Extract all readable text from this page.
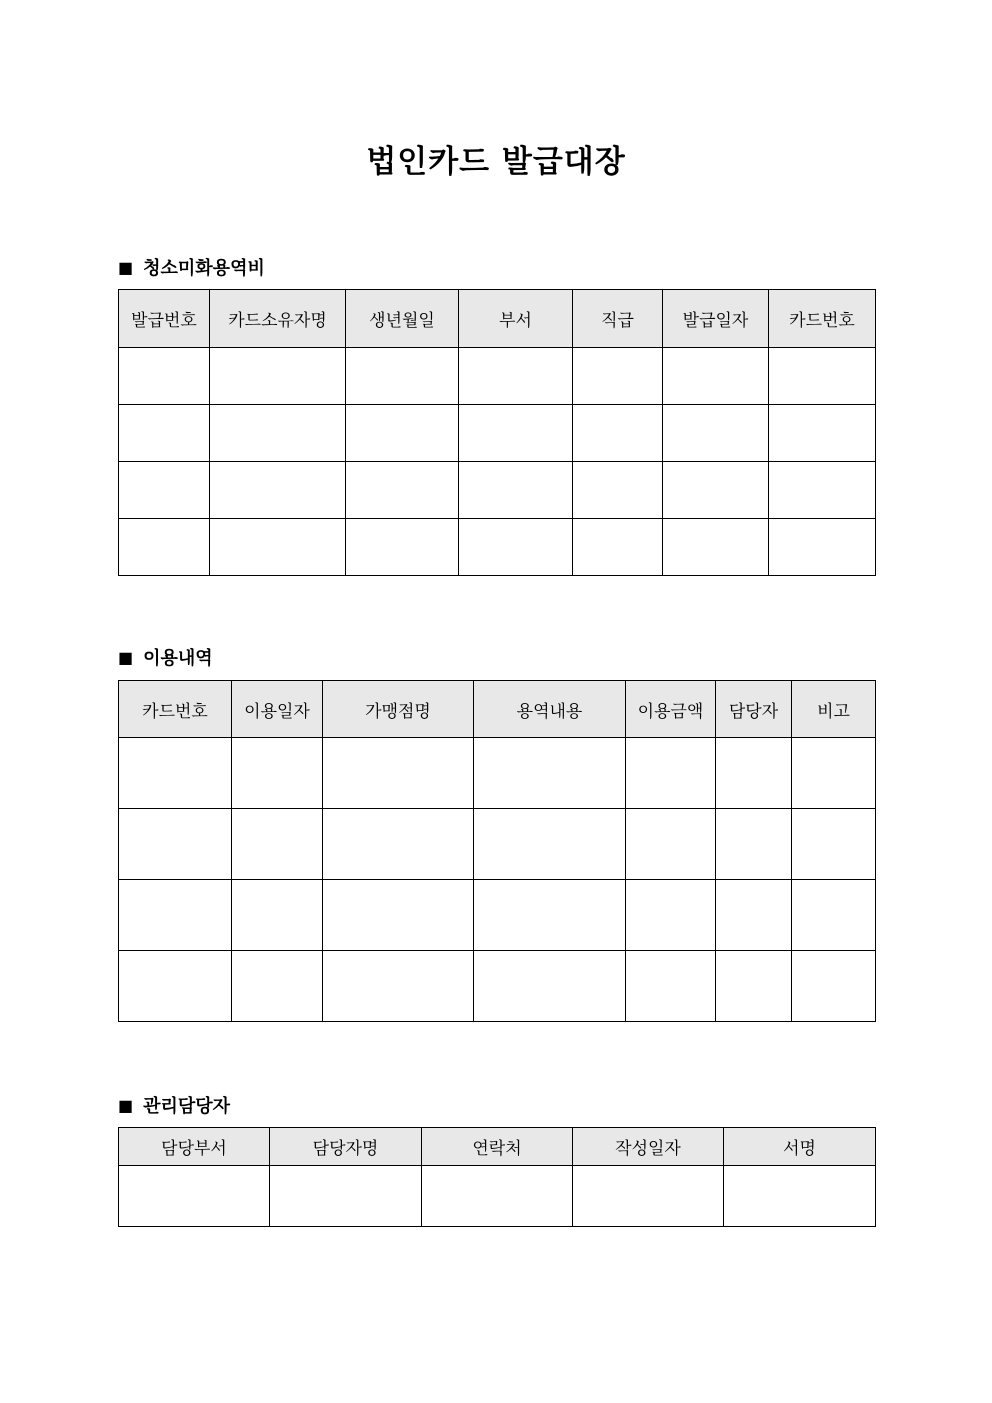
법인카드 발급대장
■ 청소미화용역비
발급번호	카드소유자명	생년월일	부서	직급	발급일자	카드번호

■ 이용내역
카드번호	이용일자	가맹점명	용역내용	이용금액	담당자	비고

■ 관리담당자
담당부서	담당자명	연락처	작성일자	서명
